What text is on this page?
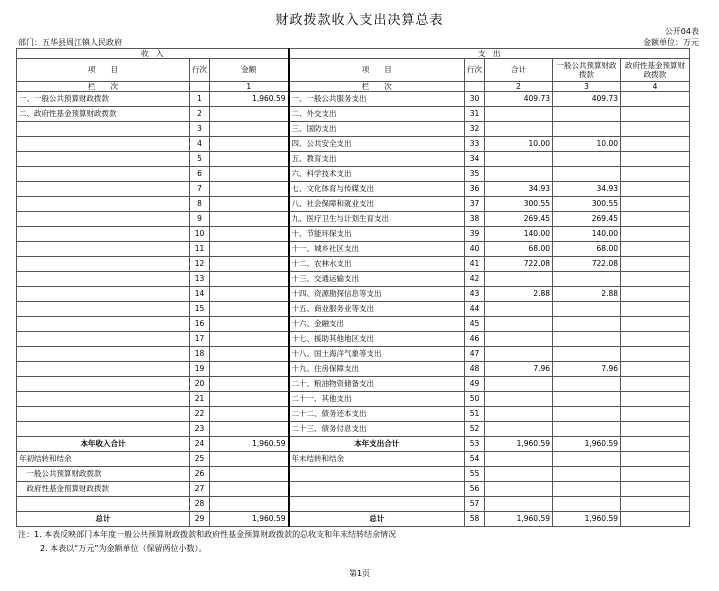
财政拨款收入支出决算总表
公开04表
部门：五华县周江镇人民政府	金额单位：万元
收　入			支　出				
项　　目	行次	金额	项　　目	行次	合计	一般公共预算财政拨款	政府性基金预算财政拨款
栏　　次		1	栏　　次		2	3	4
一、一般公共预算财政拨款	1	1,960.59	一、一般公共服务支出	30	409.73	409.73	
二、政府性基金预算财政拨款	2		二、外交支出	31			
	3		三、国防支出	32			
	4		四、公共安全支出	33	10.00	10.00	
	5		五、教育支出	34			
	6		六、科学技术支出	35			
	7		七、文化体育与传媒支出	36	34.93	34.93	
	8		八、社会保障和就业支出	37	300.55	300.55	
	9		九、医疗卫生与计划生育支出	38	269.45	269.45	
	10		十、节能环保支出	39	140.00	140.00	
	11		十一、城乡社区支出	40	68.00	68.00	
	12		十二、农林水支出	41	722.08	722.08	
	13		十三、交通运输支出	42			
	14		十四、资源勘探信息等支出	43	2.88	2.88	
	15		十五、商业服务业等支出	44			
	16		十六、金融支出	45			
	17		十七、援助其他地区支出	46			
	18		十八、国土海洋气象等支出	47			
	19		十九、住房保障支出	48	7.96	7.96	
	20		二十、粮油物资储备支出	49			
	21		二十一、其他支出	50			
	22		二十二、债务还本支出	51			
	23		二十三、债务付息支出	52			
本年收入合计	24	1,960.59	本年支出合计	53	1,960.59	1,960.59	
年初结转和结余	25		年末结转和结余	54			
　一般公共预算财政拨款	26			55			
　政府性基金预算财政拨款	27			56			
	28			57			
总计	29	1,960.59	总计	58	1,960.59	1,960.59	
注：1. 本表反映部门本年度一般公共预算财政拨款和政府性基金预算财政拨款的总收支和年末结转结余情况
2. 本表以“万元”为金额单位（保留两位小数）。
第1页
